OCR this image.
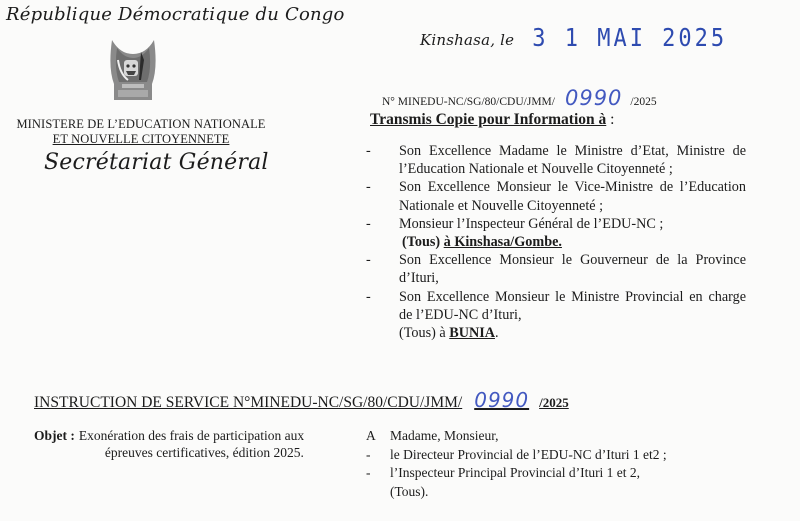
République Démocratique du Congo
MINISTERE DE L’EDUCATION NATIONALE
ET NOUVELLE CITOYENNETE
Secrétariat Général
Kinshasa, le 3 1 MAI 2025
N° MINEDU-NC/SG/80/CDU/JMM/ 0990 /2025
Transmis Copie pour Information à :
-	Son Excellence Madame le Ministre d’Etat, Ministre de l’Education Nationale et Nouvelle Citoyenneté ;
-	Son Excellence Monsieur le Vice-Ministre de l’Education Nationale et Nouvelle Citoyenneté ;
-	Monsieur l’Inspecteur Général de l’EDU-NC ;
(Tous) à Kinshasa/Gombe.
-	Son Excellence Monsieur le Gouverneur de la Province d’Ituri,
-	Son Excellence Monsieur le Ministre Provincial en charge de l’EDU-NC d’Ituri,
(Tous) à BUNIA.
INSTRUCTION DE SERVICE N°MINEDU-NC/SG/80/CDU/JMM/ 0990 /2025
Objet : Exonération des frais de participation aux
épreuves certificatives, édition 2025.
A	Madame, Monsieur,
-	le Directeur Provincial de l’EDU-NC d’Ituri 1 et2 ;
-	l’Inspecteur Principal Provincial d’Ituri 1 et 2,
(Tous).
